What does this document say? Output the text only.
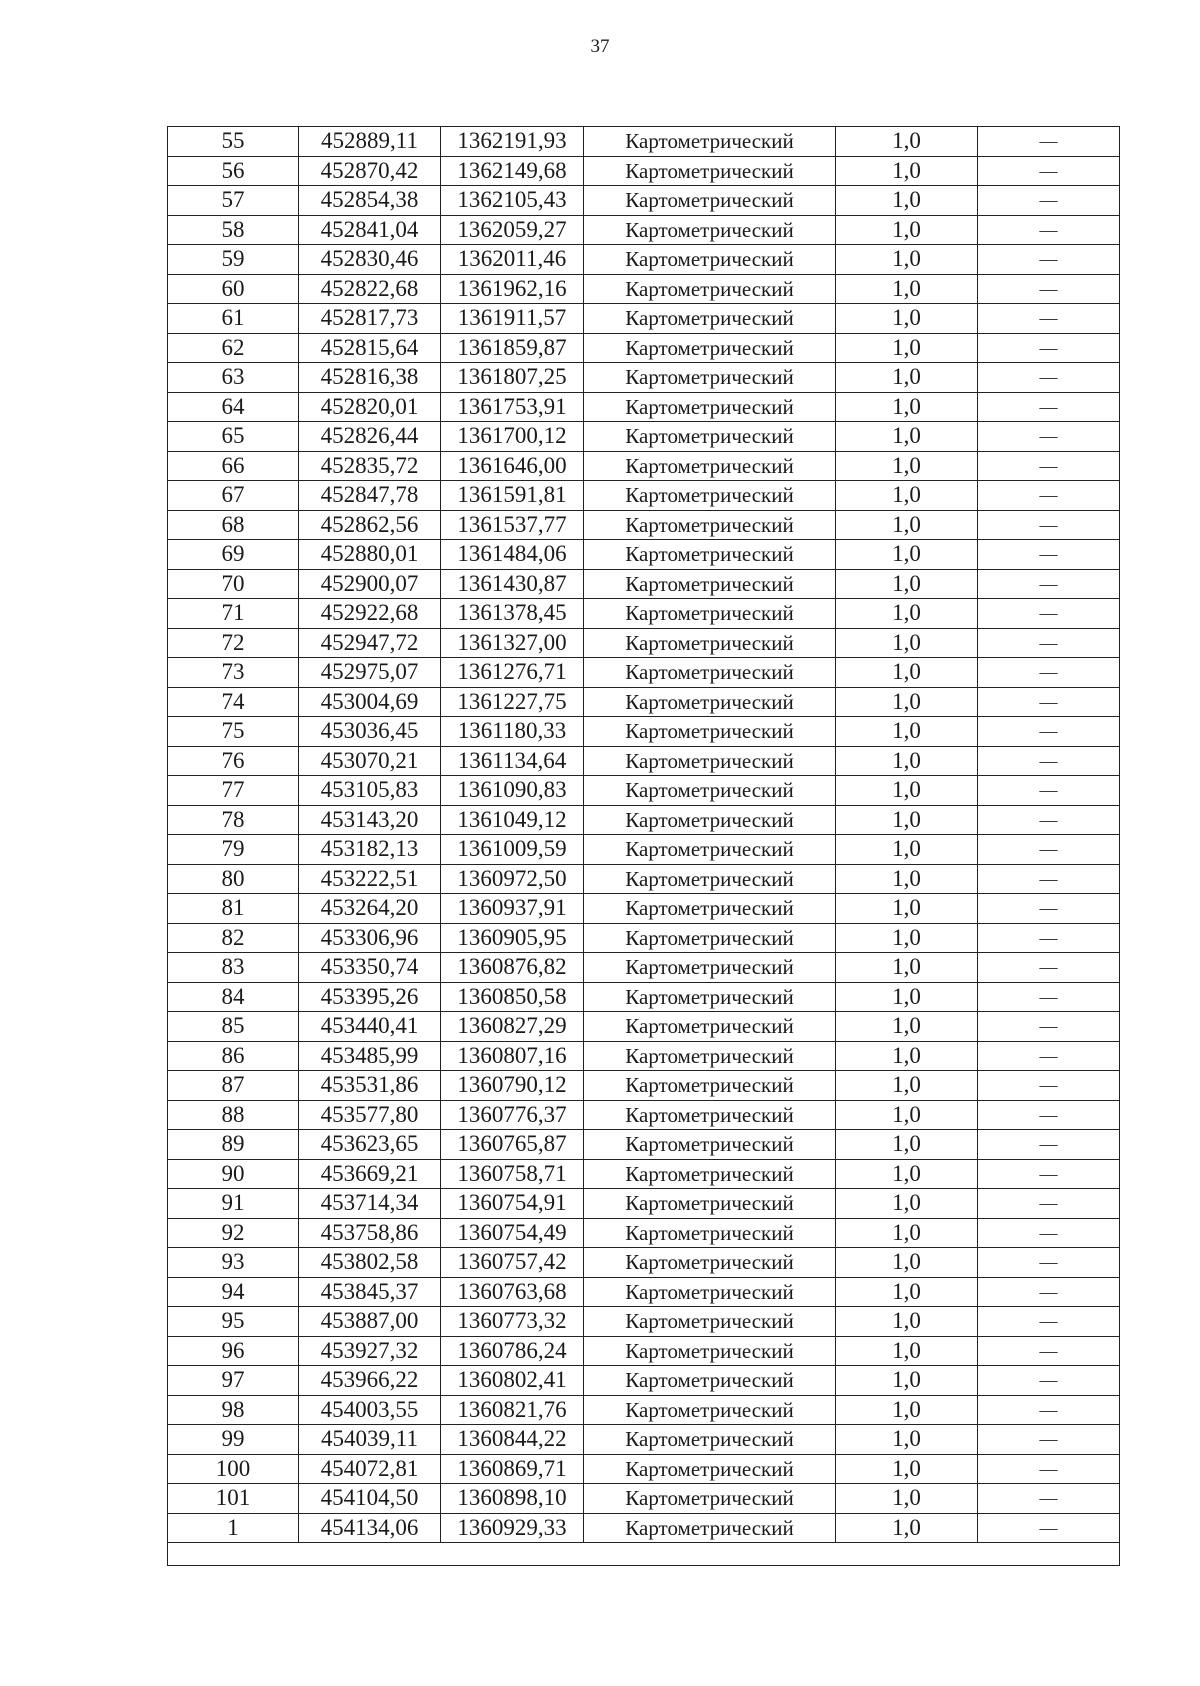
37
55	452889,11	1362191,93	Картометрический	1,0	—
56	452870,42	1362149,68	Картометрический	1,0	—
57	452854,38	1362105,43	Картометрический	1,0	—
58	452841,04	1362059,27	Картометрический	1,0	—
59	452830,46	1362011,46	Картометрический	1,0	—
60	452822,68	1361962,16	Картометрический	1,0	—
61	452817,73	1361911,57	Картометрический	1,0	—
62	452815,64	1361859,87	Картометрический	1,0	—
63	452816,38	1361807,25	Картометрический	1,0	—
64	452820,01	1361753,91	Картометрический	1,0	—
65	452826,44	1361700,12	Картометрический	1,0	—
66	452835,72	1361646,00	Картометрический	1,0	—
67	452847,78	1361591,81	Картометрический	1,0	—
68	452862,56	1361537,77	Картометрический	1,0	—
69	452880,01	1361484,06	Картометрический	1,0	—
70	452900,07	1361430,87	Картометрический	1,0	—
71	452922,68	1361378,45	Картометрический	1,0	—
72	452947,72	1361327,00	Картометрический	1,0	—
73	452975,07	1361276,71	Картометрический	1,0	—
74	453004,69	1361227,75	Картометрический	1,0	—
75	453036,45	1361180,33	Картометрический	1,0	—
76	453070,21	1361134,64	Картометрический	1,0	—
77	453105,83	1361090,83	Картометрический	1,0	—
78	453143,20	1361049,12	Картометрический	1,0	—
79	453182,13	1361009,59	Картометрический	1,0	—
80	453222,51	1360972,50	Картометрический	1,0	—
81	453264,20	1360937,91	Картометрический	1,0	—
82	453306,96	1360905,95	Картометрический	1,0	—
83	453350,74	1360876,82	Картометрический	1,0	—
84	453395,26	1360850,58	Картометрический	1,0	—
85	453440,41	1360827,29	Картометрический	1,0	—
86	453485,99	1360807,16	Картометрический	1,0	—
87	453531,86	1360790,12	Картометрический	1,0	—
88	453577,80	1360776,37	Картометрический	1,0	—
89	453623,65	1360765,87	Картометрический	1,0	—
90	453669,21	1360758,71	Картометрический	1,0	—
91	453714,34	1360754,91	Картометрический	1,0	—
92	453758,86	1360754,49	Картометрический	1,0	—
93	453802,58	1360757,42	Картометрический	1,0	—
94	453845,37	1360763,68	Картометрический	1,0	—
95	453887,00	1360773,32	Картометрический	1,0	—
96	453927,32	1360786,24	Картометрический	1,0	—
97	453966,22	1360802,41	Картометрический	1,0	—
98	454003,55	1360821,76	Картометрический	1,0	—
99	454039,11	1360844,22	Картометрический	1,0	—
100	454072,81	1360869,71	Картометрический	1,0	—
101	454104,50	1360898,10	Картометрический	1,0	—
1	454134,06	1360929,33	Картометрический	1,0	—
